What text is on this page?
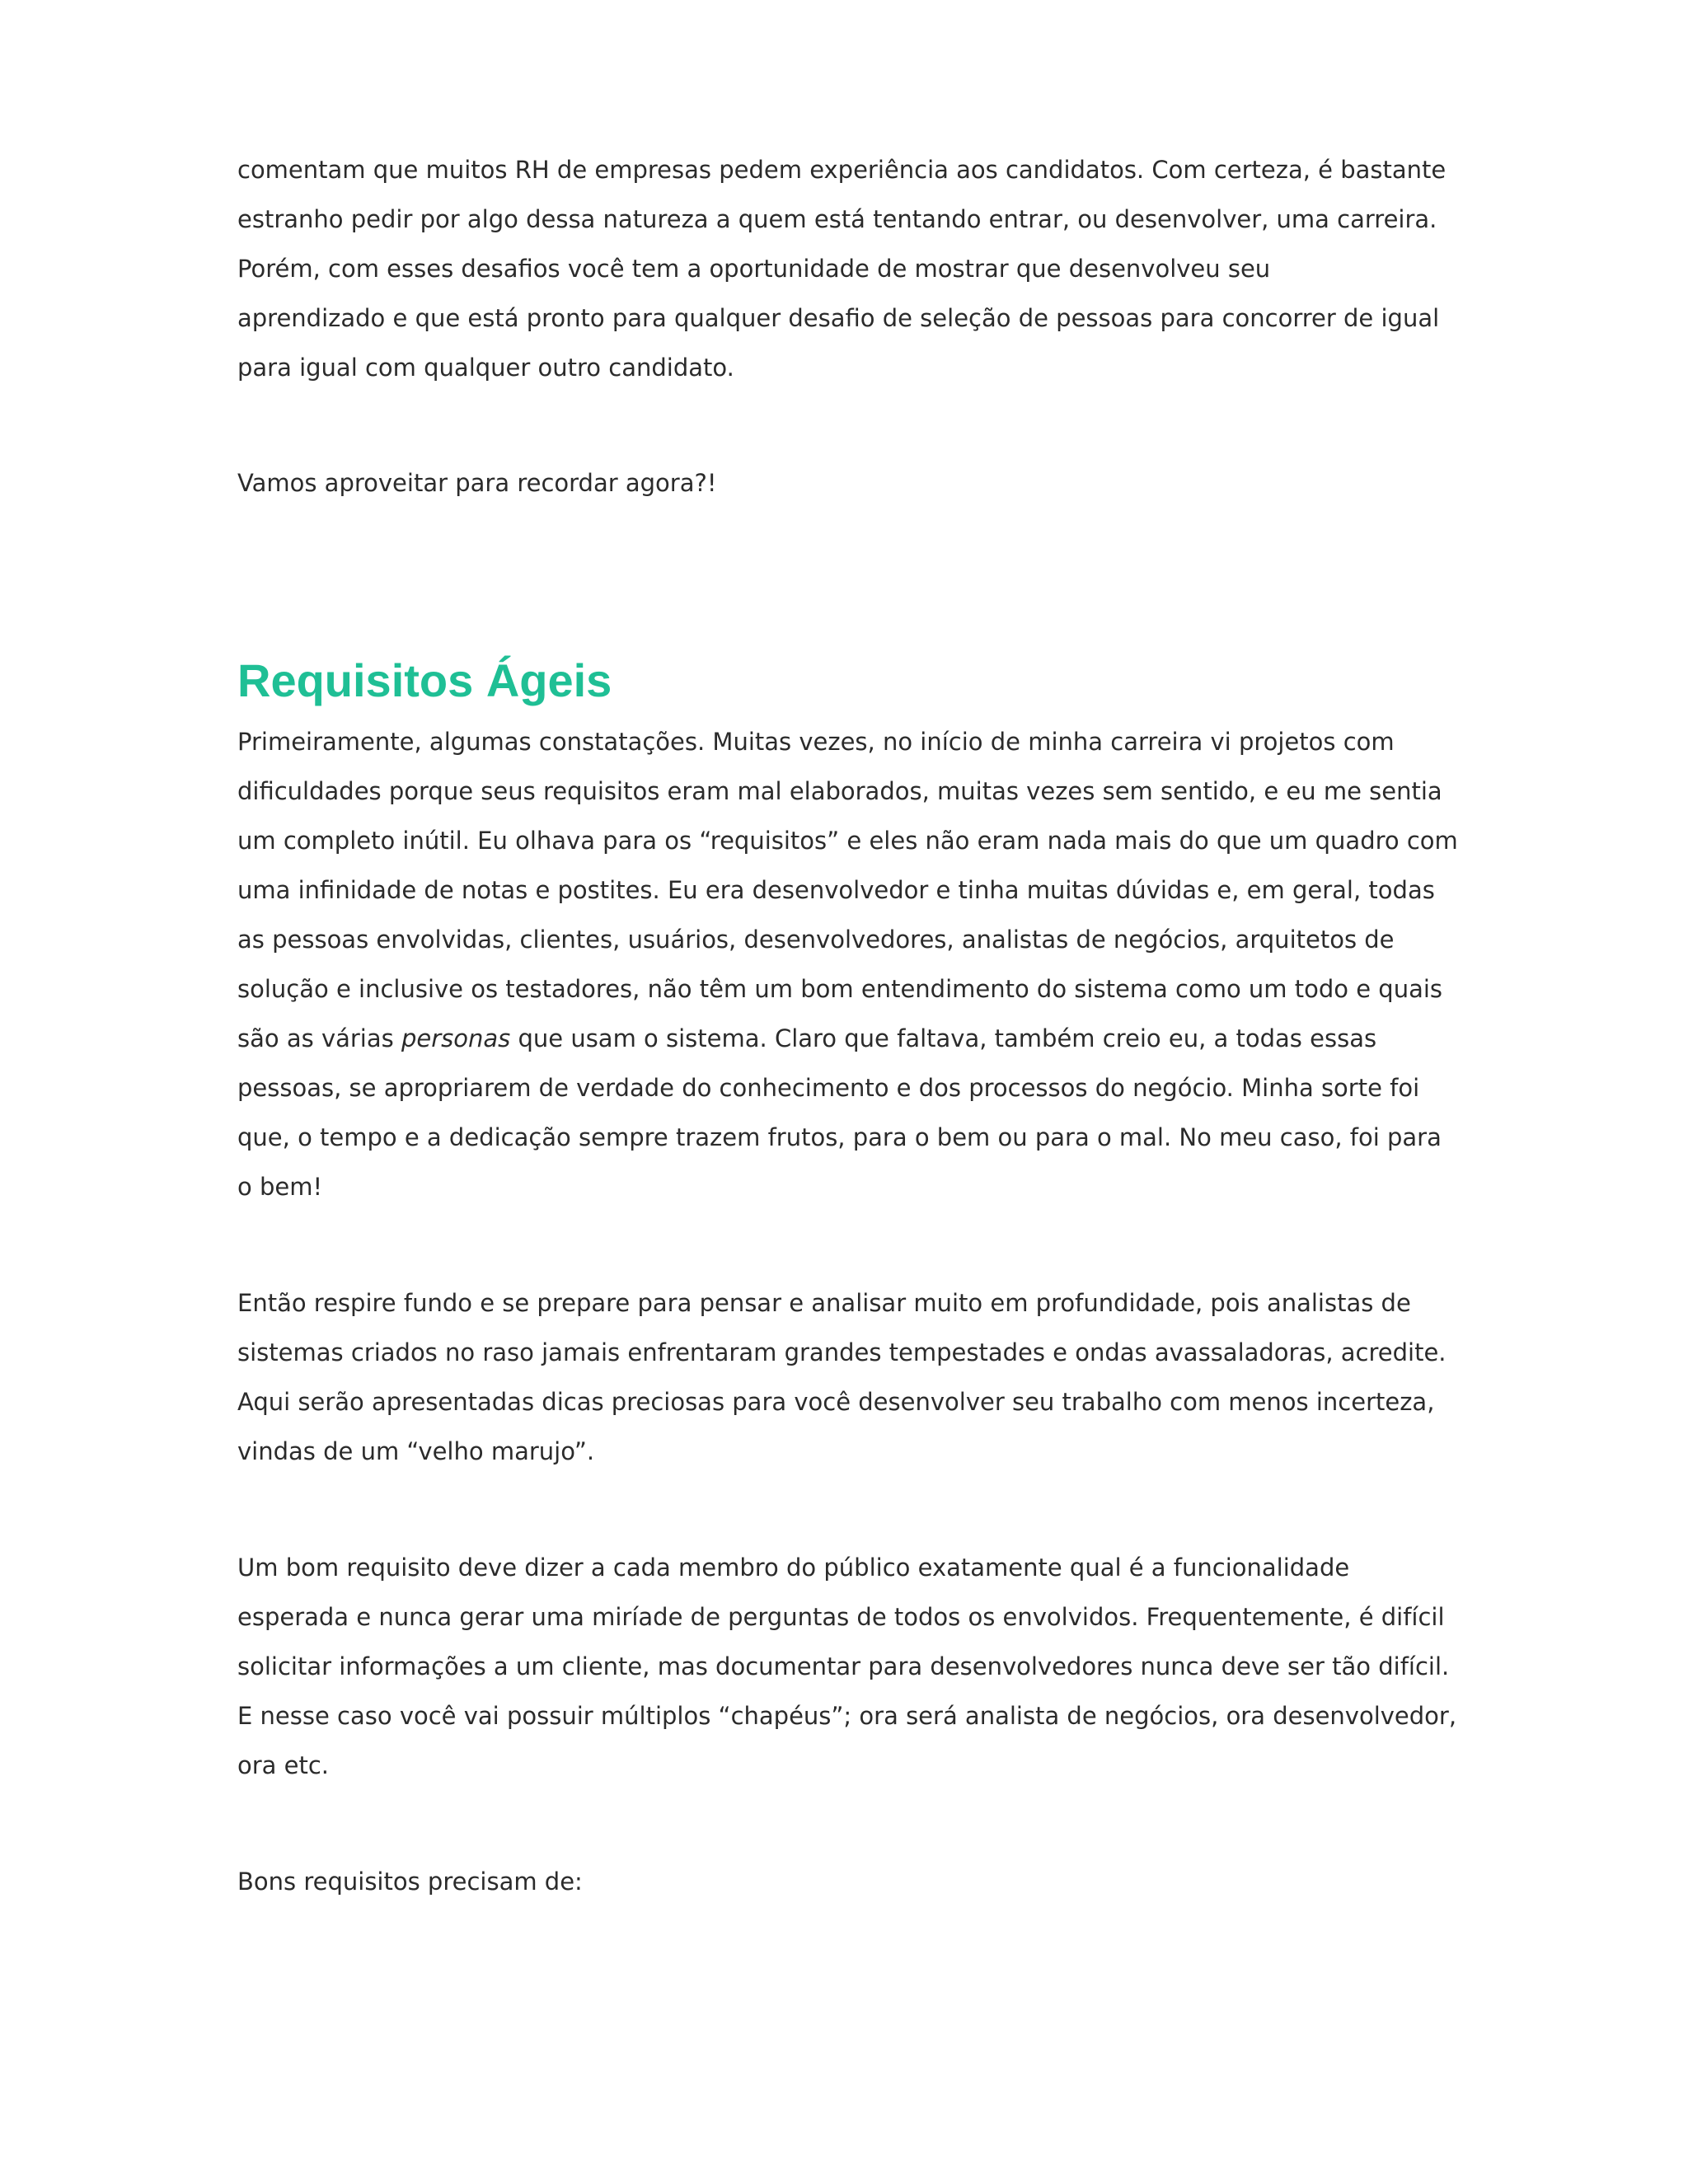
comentam que muitos RH de empresas pedem experiência aos candidatos. Com certeza, é bastante
estranho pedir por algo dessa natureza a quem está tentando entrar, ou desenvolver, uma carreira.
Porém, com esses desafios você tem a oportunidade de mostrar que desenvolveu seu
aprendizado e que está pronto para qualquer desafio de seleção de pessoas para concorrer de igual
para igual com qualquer outro candidato.

Vamos aproveitar para recordar agora?!

Requisitos Ágeis

Primeiramente, algumas constatações. Muitas vezes, no início de minha carreira vi projetos com
dificuldades porque seus requisitos eram mal elaborados, muitas vezes sem sentido, e eu me sentia
um completo inútil. Eu olhava para os “requisitos” e eles não eram nada mais do que um quadro com
uma infinidade de notas e postites. Eu era desenvolvedor e tinha muitas dúvidas e, em geral, todas
as pessoas envolvidas, clientes, usuários, desenvolvedores, analistas de negócios, arquitetos de
solução e inclusive os testadores, não têm um bom entendimento do sistema como um todo e quais
são as várias personas que usam o sistema. Claro que faltava, também creio eu, a todas essas
pessoas, se apropriarem de verdade do conhecimento e dos processos do negócio. Minha sorte foi
que, o tempo e a dedicação sempre trazem frutos, para o bem ou para o mal. No meu caso, foi para
o bem!

Então respire fundo e se prepare para pensar e analisar muito em profundidade, pois analistas de
sistemas criados no raso jamais enfrentaram grandes tempestades e ondas avassaladoras, acredite.
Aqui serão apresentadas dicas preciosas para você desenvolver seu trabalho com menos incerteza,
vindas de um “velho marujo”.

Um bom requisito deve dizer a cada membro do público exatamente qual é a funcionalidade
esperada e nunca gerar uma miríade de perguntas de todos os envolvidos. Frequentemente, é difícil
solicitar informações a um cliente, mas documentar para desenvolvedores nunca deve ser tão difícil.
E nesse caso você vai possuir múltiplos “chapéus”; ora será analista de negócios, ora desenvolvedor,
ora etc.

Bons requisitos precisam de:
